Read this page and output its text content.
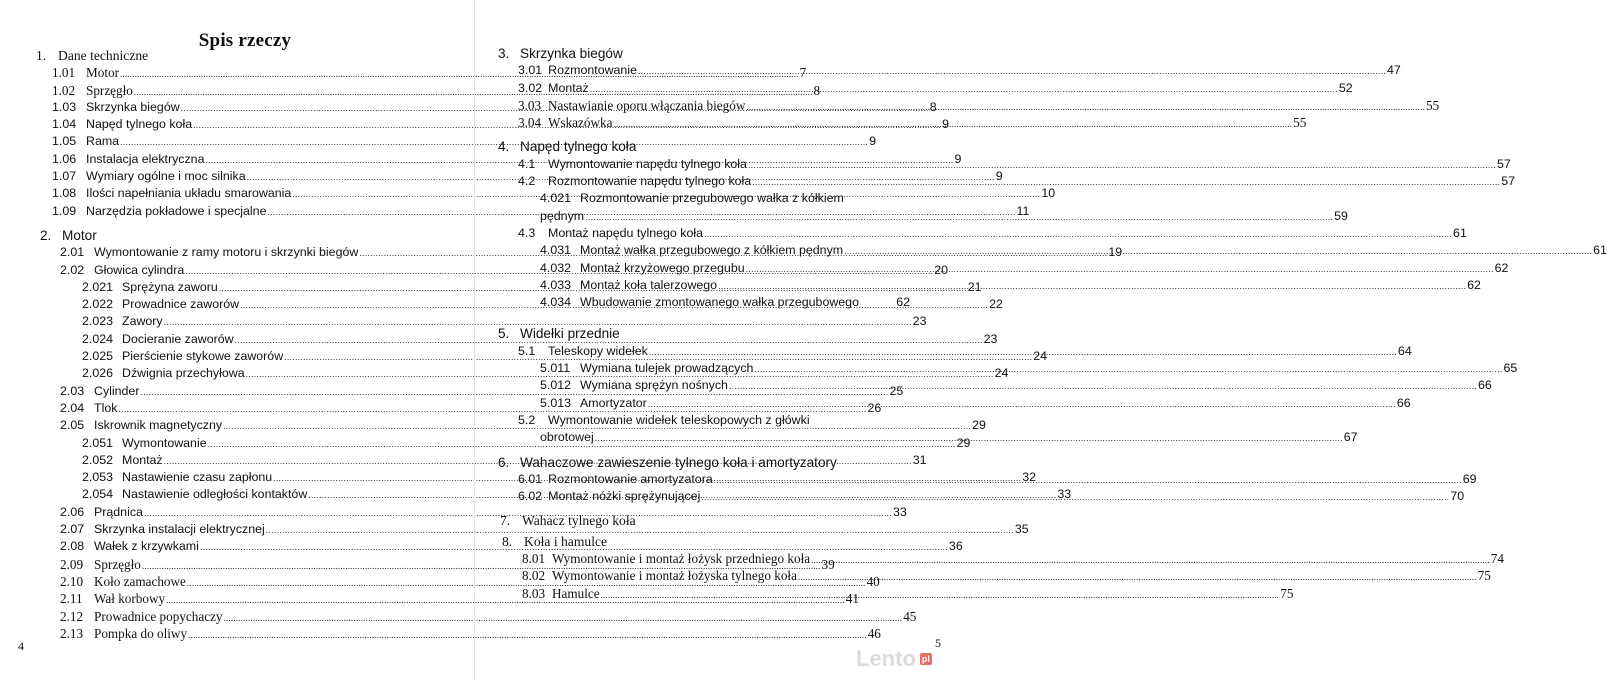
Spis rzeczy
1. Dane techniczne
1.01 Motor .....	7
1.02 Sprzęgło .....	8
1.03 Skrzynka biegów .....	8
1.04 Napęd tylnego koła .....	9
1.05 Rama .....	9
1.06 Instalacja elektryczna .....	9
1.07 Wymiary ogólne i moc silnika .....	9
1.08 Ilości napełniania układu smarowania .....	10
1.09 Narzędzia pokładowe i specjalne .....	11
2. Motor
2.01 Wymontowanie z ramy motoru i skrzynki biegów .....	19
2.02 Głowica cylindra .....	20
2.021 Sprężyna zaworu .....	21
2.022 Prowadnice zaworów .....	22
2.023 Zawory .....	23
2.024 Docieranie zaworów .....	23
2.025 Pierścienie stykowe zaworów .....	24
2.026 Dźwignia przechyłowa .....	24
2.03 Cylinder .....	25
2.04 Tlok .....	26
2.05 Iskrownik magnetyczny .....	29
2.051 Wymontowanie .....	29
2.052 Montaż .....	31
2.053 Nastawienie czasu zapłonu .....	32
2.054 Nastawienie odległości kontaktów .....	33
2.06 Prądnica .....	33
2.07 Skrzynka instalacji elektrycznej .....	35
2.08 Wałek z krzywkami .....	36
2.09 Sprzęgło .....	39
2.10 Koło zamachowe .....	40
2.11 Wał korbowy .....	41
2.12 Prowadnice popychaczy .....	45
2.13 Pompka do oliwy .....	46
4
3. Skrzynka biegów
3.01 Rozmontowanie .....	47
3.02 Montaż .....	52
3.03 Nastawianie oporu włączania biegów .....	55
3.04 Wskazówka .....	55
4. Napęd tylnego koła
4.1	Wymontowanie napędu tylnego koła .....	57
4.2	Rozmontowanie napędu tylnego koła .....	57
4.021 Rozmontowanie przegubowego wałka z kółkiem
pędnym .....	59
4.3	Montaż napędu tylnego koła .....	61
4.031 Montaż wałka przegubowego z kółkiem pędnym .....	61
4.032 Montaż krzyżowego przegubu .....	62
4.033 Montaż koła talerzowego .....	62
4.034 Wbudowanie zmontowanego wałka przegubowego	62
5. Widełki przednie
5.1	Teleskopy widełek .....	64
5.011 Wymiana tulejek prowadzących .....	65
5.012 Wymiana sprężyn nośnych .....	66
5.013 Amortyzator .....	66
5.2	Wymontowanie widełek teleskopowych z główki
obrotowej .....	67
6. Wahaczowe zawieszenie tylnego koła i amortyzatory
6.01 Rozmontowanie amortyzatora .....	69
6.02 Montaż nóżki sprężynującej .....	70
7. Wahacz tylnego koła
8. Koła i hamulce
8.01 Wymontowanie i montaż łożysk przedniego koła .....	74
8.02 Wymontowanie i montaż łożyska tylnego koła .....	75
8.03 Hamulce .....	75
5
Lento pl
